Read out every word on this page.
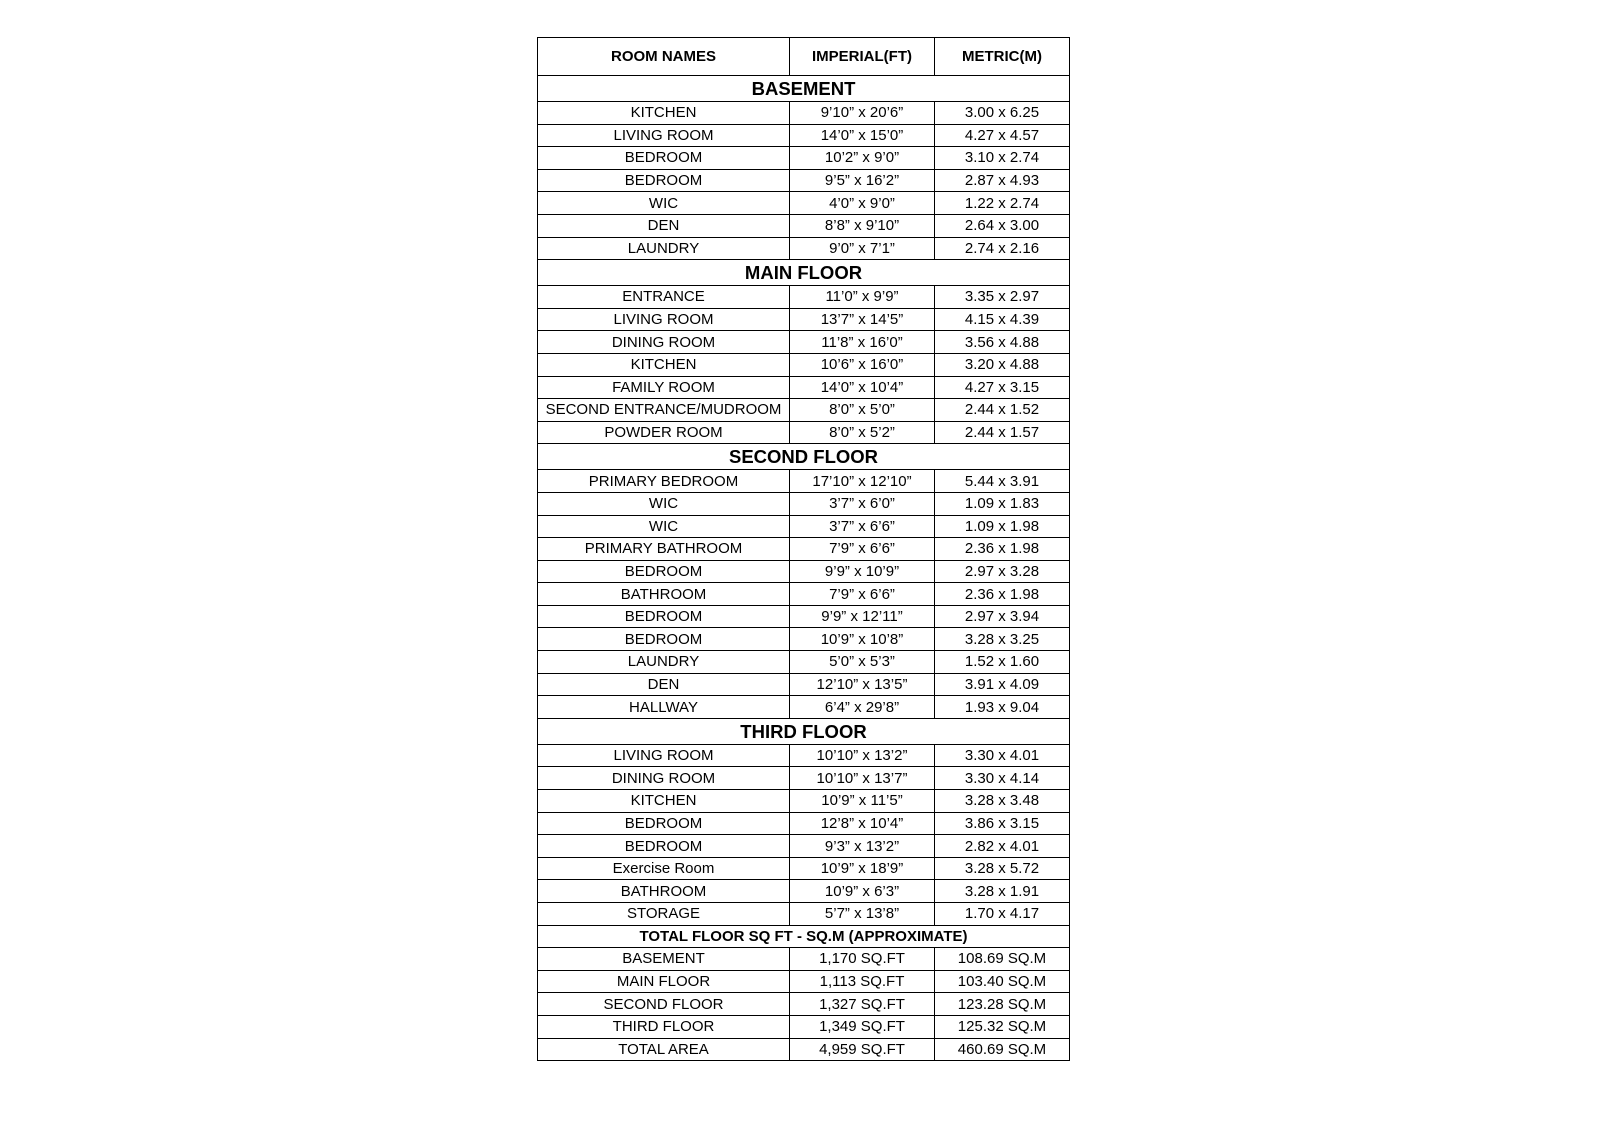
ROOM NAMES	IMPERIAL(FT)	METRIC(M)
BASEMENT		
KITCHEN	9’10” x 20’6”	3.00 x 6.25
LIVING ROOM	14’0” x 15’0”	4.27 x 4.57
BEDROOM	10’2” x 9’0”	3.10 x 2.74
BEDROOM	9’5” x 16’2”	2.87 x 4.93
WIC	4’0” x 9’0”	1.22 x 2.74
DEN	8’8” x 9’10”	2.64 x 3.00
LAUNDRY	9’0” x 7’1”	2.74 x 2.16
MAIN FLOOR		
ENTRANCE	11’0” x 9’9”	3.35 x 2.97
LIVING ROOM	13’7” x 14’5”	4.15 x 4.39
DINING ROOM	11’8” x 16’0”	3.56 x 4.88
KITCHEN	10’6” x 16’0”	3.20 x 4.88
FAMILY ROOM	14’0” x 10’4”	4.27 x 3.15
SECOND ENTRANCE/MUDROOM	8’0” x 5’0”	2.44 x 1.52
POWDER ROOM	8’0” x 5’2”	2.44 x 1.57
SECOND FLOOR		
PRIMARY BEDROOM	17’10” x 12’10”	5.44 x 3.91
WIC	3’7” x 6’0”	1.09 x 1.83
WIC	3’7” x 6’6”	1.09 x 1.98
PRIMARY BATHROOM	7’9” x 6’6”	2.36 x 1.98
BEDROOM	9’9” x 10’9”	2.97 x 3.28
BATHROOM	7’9” x 6’6”	2.36 x 1.98
BEDROOM	9’9” x 12’11”	2.97 x 3.94
BEDROOM	10’9” x 10’8”	3.28 x 3.25
LAUNDRY	5’0” x 5’3”	1.52 x 1.60
DEN	12’10” x 13’5”	3.91 x 4.09
HALLWAY	6’4” x 29’8”	1.93 x 9.04
THIRD FLOOR		
LIVING ROOM	10’10” x 13’2”	3.30 x 4.01
DINING ROOM	10’10” x 13’7”	3.30 x 4.14
KITCHEN	10’9” x 11’5”	3.28 x 3.48
BEDROOM	12’8” x 10’4”	3.86 x 3.15
BEDROOM	9’3” x 13’2”	2.82 x 4.01
Exercise Room	10’9” x 18’9”	3.28 x 5.72
BATHROOM	10’9” x 6’3”	3.28 x 1.91
STORAGE	5’7” x 13’8”	1.70 x 4.17
TOTAL FLOOR SQ FT - SQ.M (APPROXIMATE)		
BASEMENT	1,170 SQ.FT	108.69 SQ.M
MAIN FLOOR	1,113 SQ.FT	103.40 SQ.M
SECOND FLOOR	1,327 SQ.FT	123.28 SQ.M
THIRD FLOOR	1,349 SQ.FT	125.32 SQ.M
TOTAL AREA	4,959 SQ.FT	460.69 SQ.M
